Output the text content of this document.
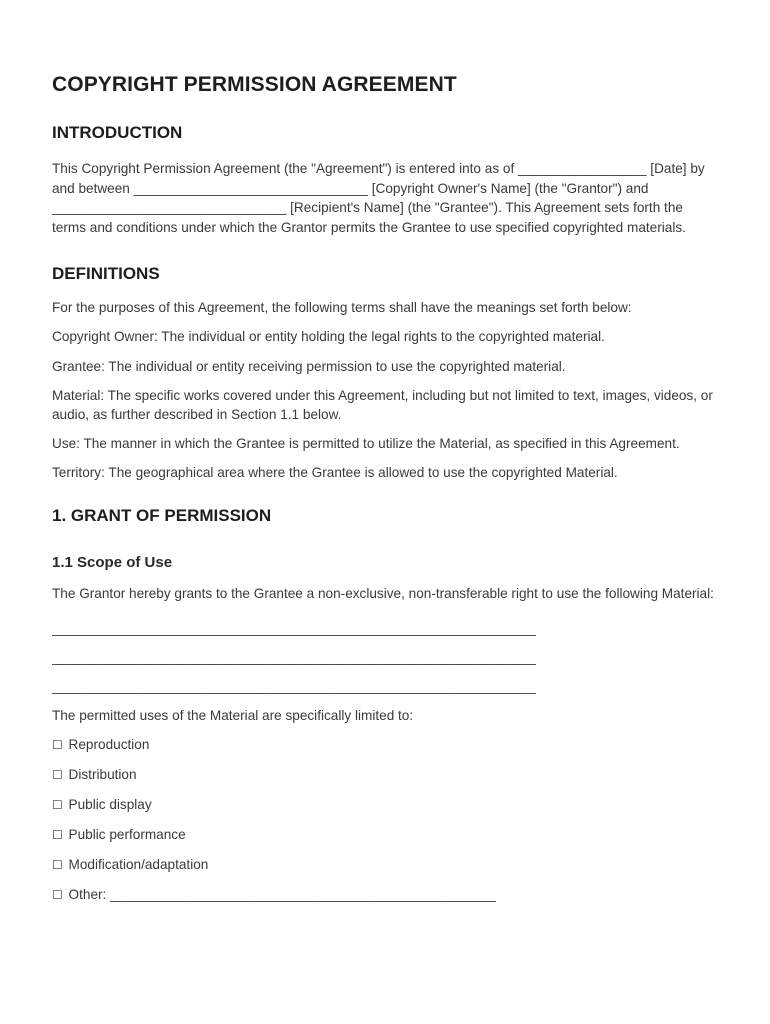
COPYRIGHT PERMISSION AGREEMENT
INTRODUCTION

This Copyright Permission Agreement (the "Agreement") is entered into as of _________________ [Date] by and between _______________________________ [Copyright Owner's Name] (the "Grantor") and _______________________________ [Recipient's Name] (the "Grantee"). This Agreement sets forth the terms and conditions under which the Grantor permits the Grantee to use specified copyrighted materials.

DEFINITIONS

For the purposes of this Agreement, the following terms shall have the meanings set forth below:

Copyright Owner: The individual or entity holding the legal rights to the copyrighted material.

Grantee: The individual or entity receiving permission to use the copyrighted material.

Material: The specific works covered under this Agreement, including but not limited to text, images, videos, or audio, as further described in Section 1.1 below.

Use: The manner in which the Grantee is permitted to utilize the Material, as specified in this Agreement.

Territory: The geographical area where the Grantee is allowed to use the copyrighted Material.

1. GRANT OF PERMISSION
1.1 Scope of Use

The Grantor hereby grants to the Grantee a non-exclusive, non-transferable right to use the following Material:

________________________________________________________________
________________________________________________________________
________________________________________________________________

The permitted uses of the Material are specifically limited to:

☐ Reproduction
☐ Distribution
☐ Public display
☐ Public performance
☐ Modification/adaptation
☐ Other: ___________________________________________________
